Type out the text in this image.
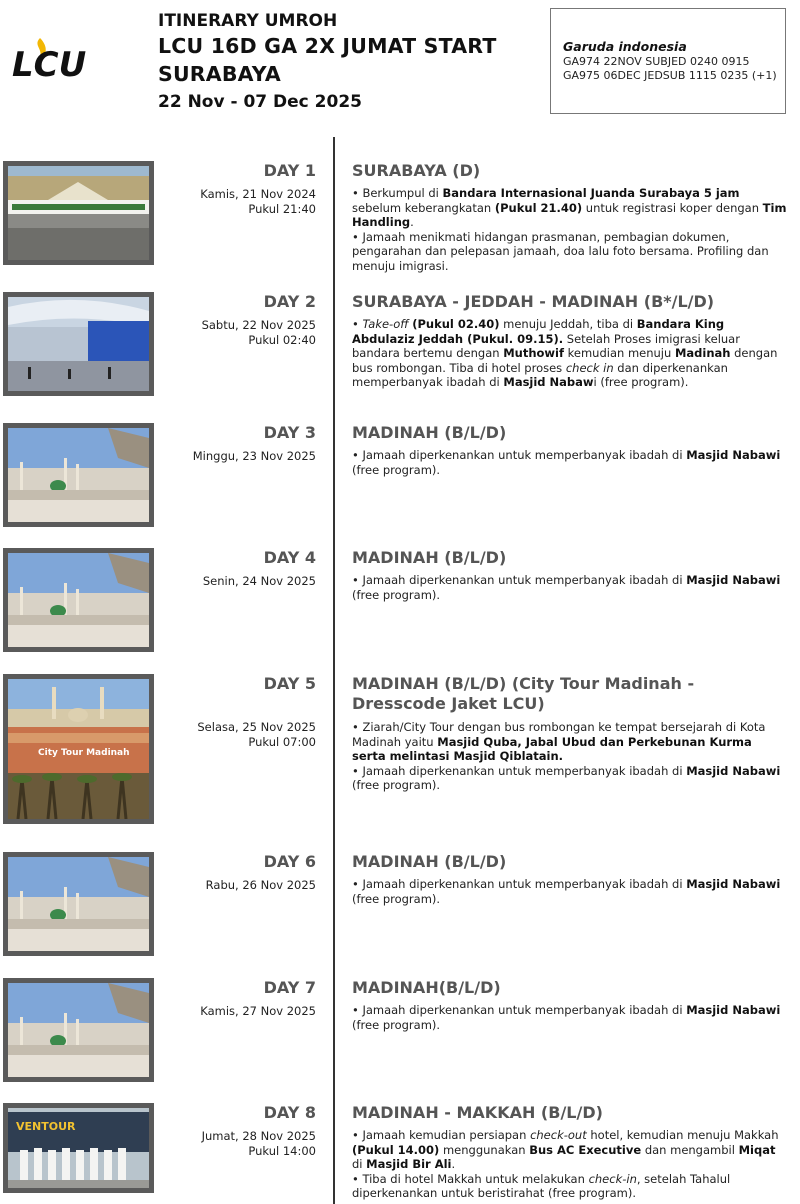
LCU
ITINERARY UMROH
LCU 16D GA 2X JUMAT START
SURABAYA
22 Nov - 07 Dec 2025
Garuda indonesia
GA974 22NOV SUBJED 0240 0915
GA975 06DEC JEDSUB 1115 0235 (+1)
DAY 1
Kamis, 21 Nov 2024
Pukul 21:40
SURABAYA (D)

• Berkumpul di Bandara Internasional Juanda Surabaya 5 jam sebelum keberangkatan (Pukul 21.40) untuk registrasi koper dengan Tim Handling.

• Jamaah menikmati hidangan prasmanan, pembagian dokumen, pengarahan dan pelepasan jamaah, doa lalu foto bersama. Profiling dan menuju imigrasi.

DAY 2
Sabtu, 22 Nov 2025
Pukul 02:40
SURABAYA - JEDDAH - MADINAH (B*/L/D)

• Take-off (Pukul 02.40) menuju Jeddah, tiba di Bandara King Abdulaziz Jeddah (Pukul. 09.15). Setelah Proses imigrasi keluar bandara bertemu dengan Muthowif kemudian menuju Madinah dengan bus rombongan. Tiba di hotel proses check in dan diperkenankan memperbanyak ibadah di Masjid Nabawi (free program).

DAY 3
Minggu, 23 Nov 2025
MADINAH (B/L/D)

• Jamaah diperkenankan untuk memperbanyak ibadah di Masjid Nabawi (free program).

DAY 4
Senin, 24 Nov 2025
MADINAH (B/L/D)

• Jamaah diperkenankan untuk memperbanyak ibadah di Masjid Nabawi (free program).

City Tour Madinah
DAY 5
Selasa, 25 Nov 2025
Pukul 07:00
MADINAH (B/L/D) (City Tour Madinah - Dresscode Jaket LCU)

• Ziarah/City Tour dengan bus rombongan ke tempat bersejarah di Kota Madinah yaitu Masjid Quba, Jabal Ubud dan Perkebunan Kurma serta melintasi Masjid Qiblatain.

• Jamaah diperkenankan untuk memperbanyak ibadah di Masjid Nabawi (free program).

DAY 6
Rabu, 26 Nov 2025
MADINAH (B/L/D)

• Jamaah diperkenankan untuk memperbanyak ibadah di Masjid Nabawi (free program).

DAY 7
Kamis, 27 Nov 2025
MADINAH(B/L/D)

• Jamaah diperkenankan untuk memperbanyak ibadah di Masjid Nabawi (free program).

VENTOUR
DAY 8
Jumat, 28 Nov 2025
Pukul 14:00
MADINAH - MAKKAH (B/L/D)

• Jamaah kemudian persiapan check-out hotel, kemudian menuju Makkah (Pukul 14.00) menggunakan Bus AC Executive dan mengambil Miqat di Masjid Bir Ali.

• Tiba di hotel Makkah untuk melakukan check-in, setelah Tahalul diperkenankan untuk beristirahat (free program).
